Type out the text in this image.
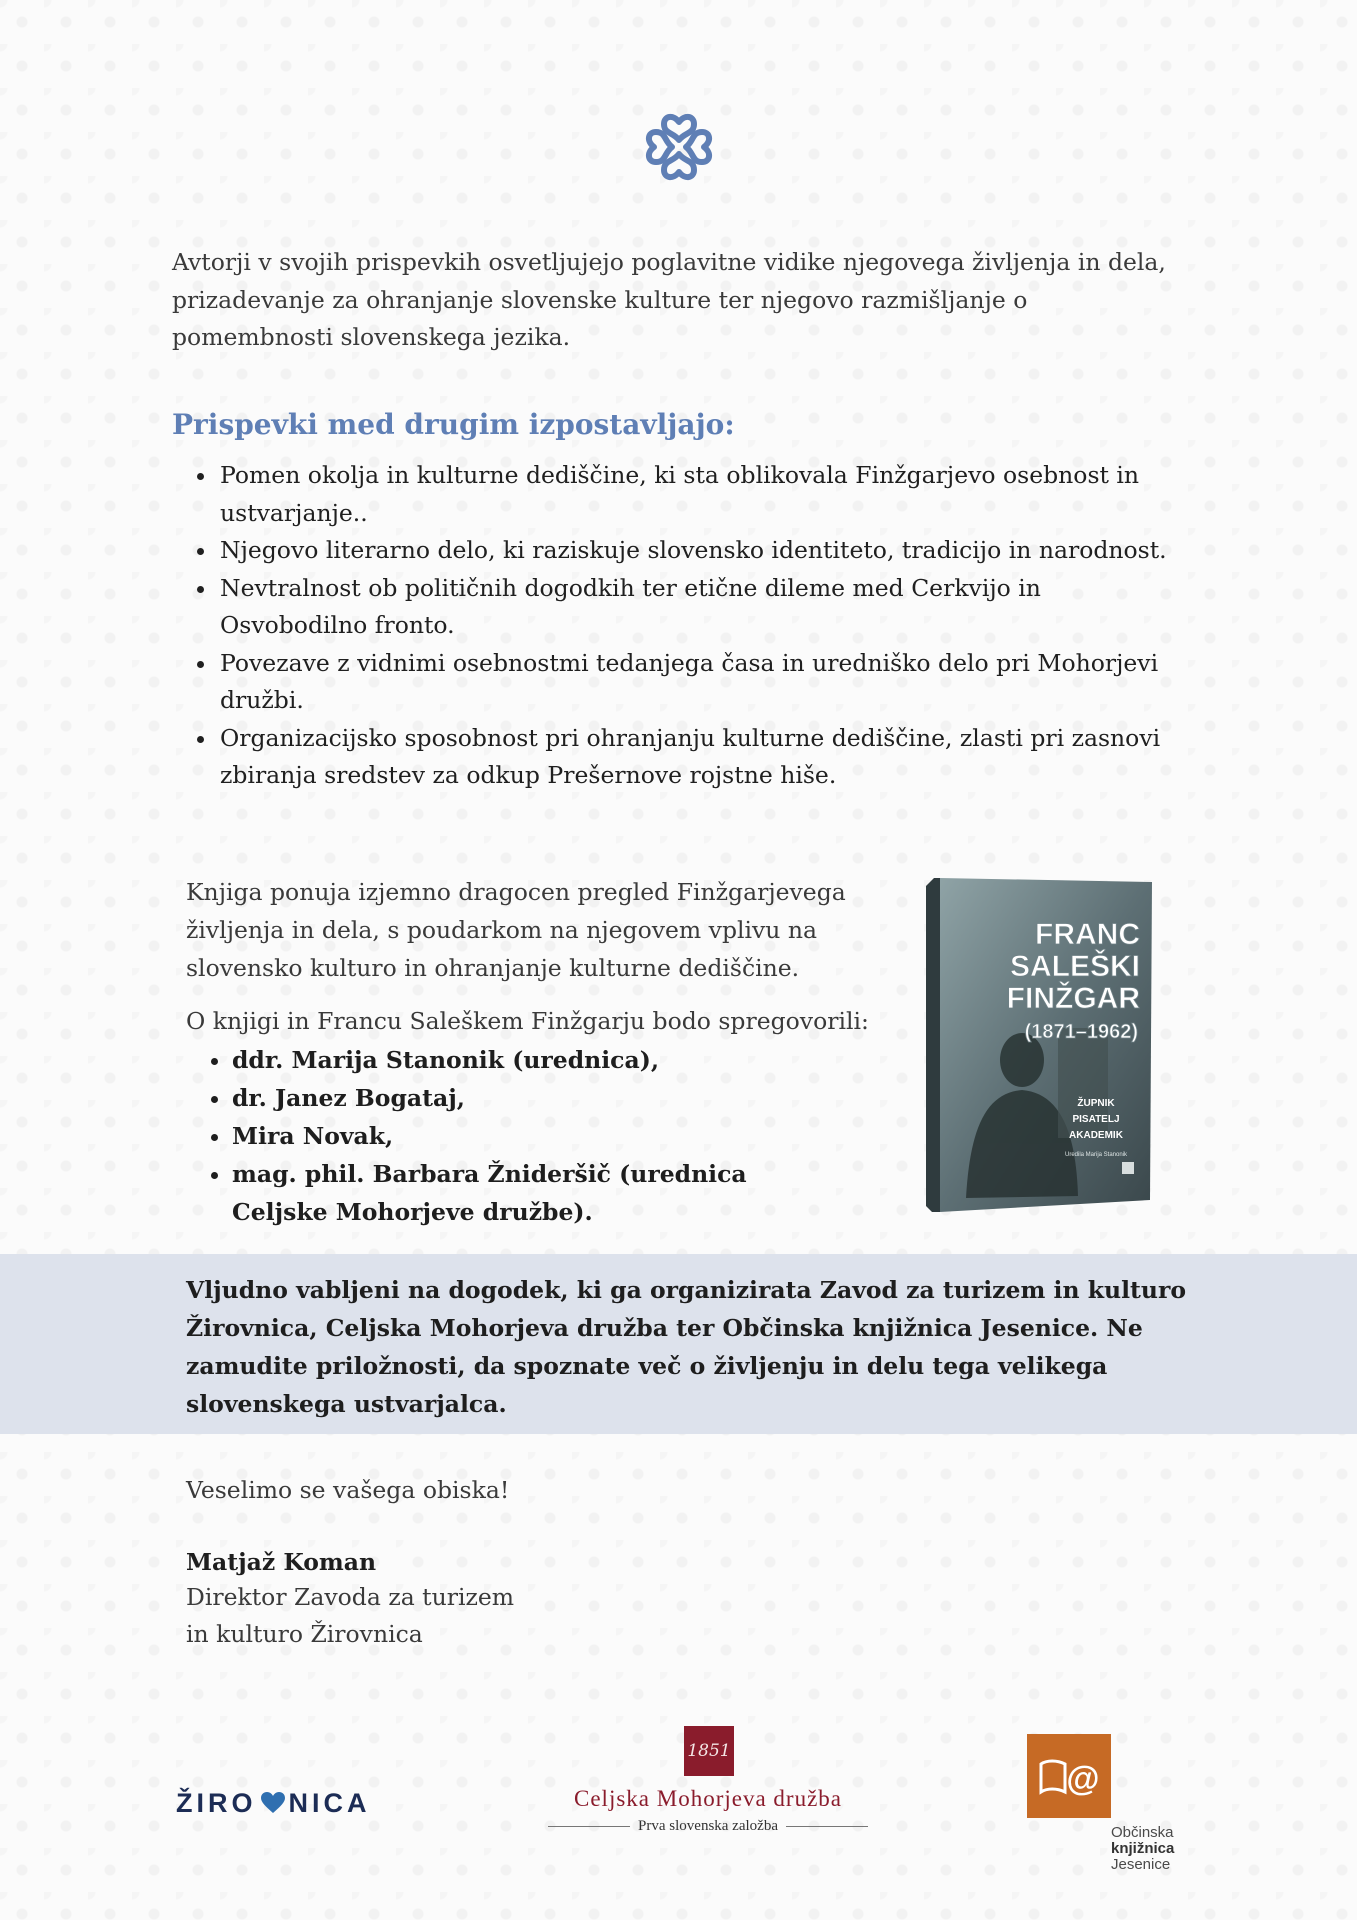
Avtorji v svojih prispevkih osvetljujejo poglavitne vidike njegovega življenja in dela, prizadevanje za ohranjanje slovenske kulture ter njegovo razmišljanje o pomembnosti slovenskega jezika.

Prispevki med drugim izpostavljajo:
• Pomen okolja in kulturne dediščine, ki sta oblikovala Finžgarjevo osebnost in ustvarjanje..
• Njegovo literarno delo, ki raziskuje slovensko identiteto, tradicijo in narodnost.
• Nevtralnost ob političnih dogodkih ter etične dileme med Cerkvijo in Osvobodilno fronto.
• Povezave z vidnimi osebnostmi tedanjega časa in uredniško delo pri Mohorjevi družbi.
• Organizacijsko sposobnost pri ohranjanju kulturne dediščine, zlasti pri zasnovi zbiranja sredstev za odkup Prešernove rojstne hiše.

Knjiga ponuja izjemno dragocen pregled Finžgarjevega življenja in dela, s poudarkom na njegovem vplivu na slovensko kulturo in ohranjanje kulturne dediščine.

O knjigi in Francu Saleškem Finžgarju bodo spregovorili:

• ddr. Marija Stanonik (urednica),
• dr. Janez Bogataj,
• Mira Novak,
• mag. phil. Barbara Žnideršič (urednica Celjske Mohorjeve družbe).
FRANC
SALEŠKI
FINŽGAR
(1871–1962)
ŽUPNIK
PISATELJ
AKADEMIK
Uredila Marija Stanonik

Vljudno vabljeni na dogodek, ki ga organizirata Zavod za turizem in kulturo Žirovnica, Celjska Mohorjeva družba ter Občinska knjižnica Jesenice. Ne zamudite priložnosti, da spoznate več o življenju in delu tega velikega slovenskega ustvarjalca.

Veselimo se vašega obiska!

Matjaž Koman

Direktor Zavoda za turizem

in kulturo Žirovnica

ŽIRO NICA
1851
Celjska Mohorjeva družba
Prva slovenska založba
@
Občinska
knjižnica
Jesenice
